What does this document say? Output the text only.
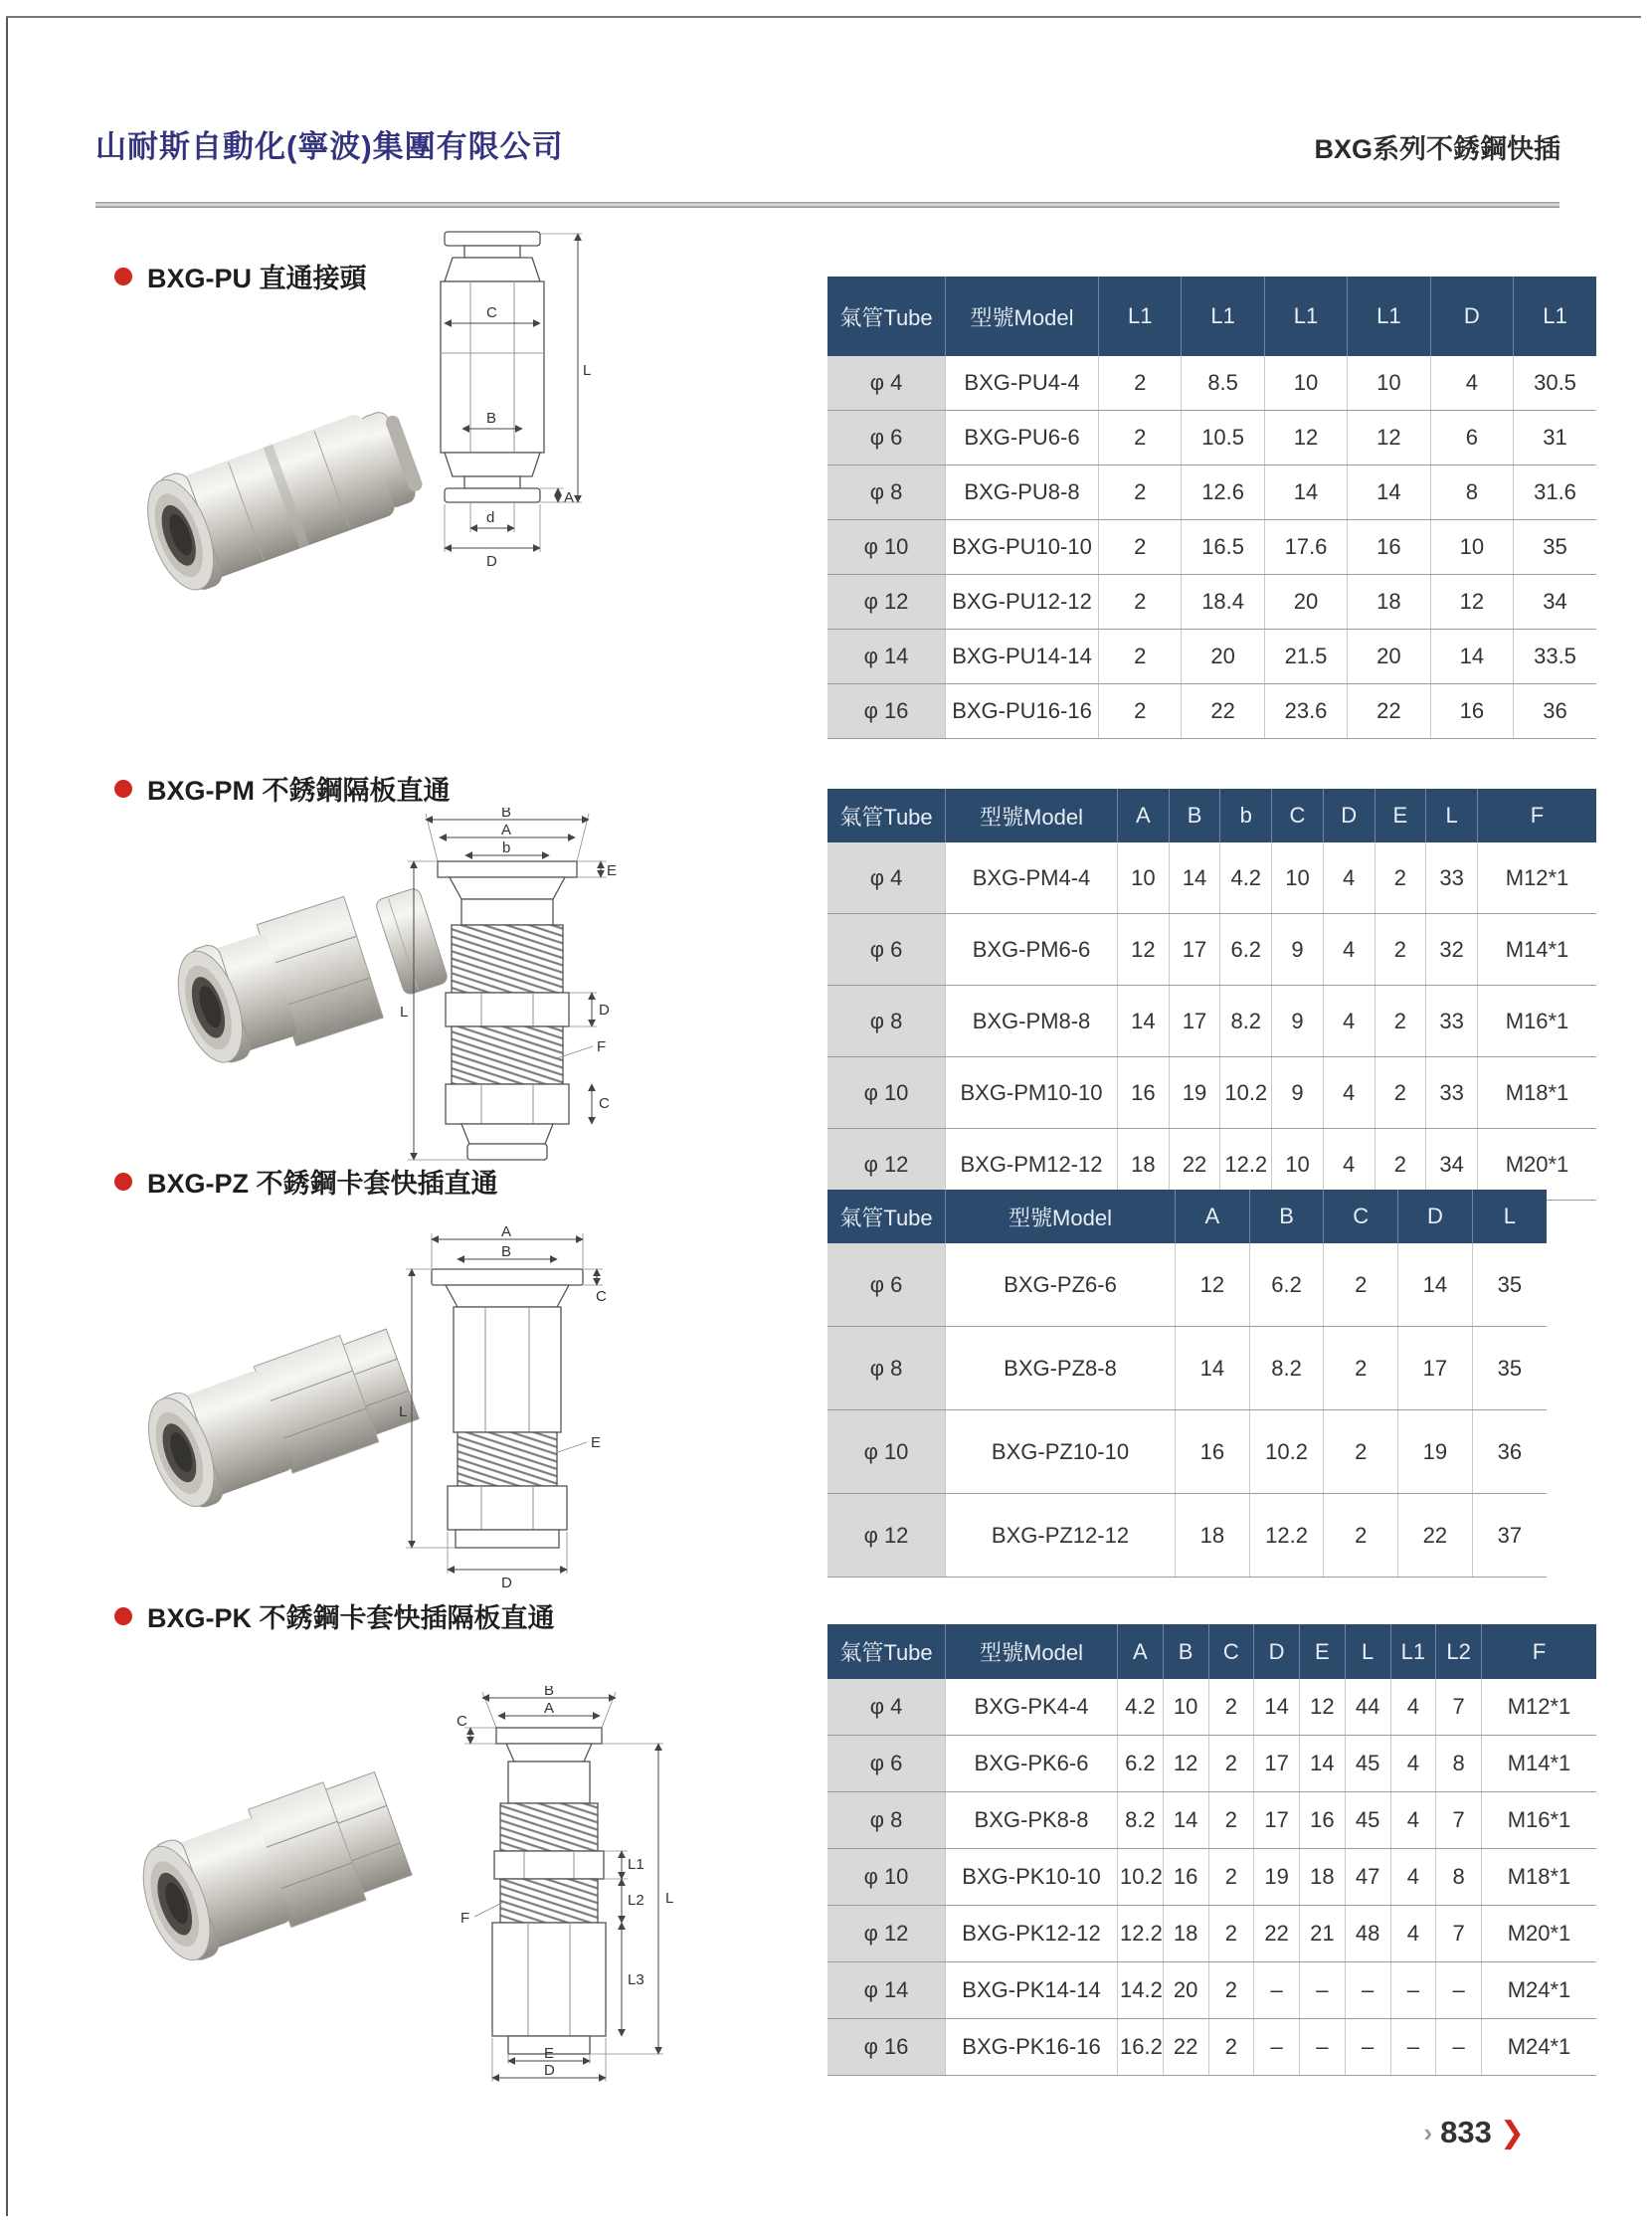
山耐斯自動化(寧波)集團有限公司	BXG系列不銹鋼快插
BXG-PU 直通接頭
C
B
A
d
D
L
氣管Tube	型號Model	L1	L1	L1	L1	D	L1
φ 4	BXG-PU4-4	2	8.5	10	10	4	30.5
φ 6	BXG-PU6-6	2	10.5	12	12	6	31
φ 8	BXG-PU8-8	2	12.6	14	14	8	31.6
φ 10	BXG-PU10-10	2	16.5	17.6	16	10	35
φ 12	BXG-PU12-12	2	18.4	20	18	12	34
φ 14	BXG-PU14-14	2	20	21.5	20	14	33.5
φ 16	BXG-PU16-16	2	22	23.6	22	16	36
BXG-PM 不銹鋼隔板直通
B
A
b
E
D
F
C
L
氣管Tube	型號Model	A	B	b	C	D	E	L	F
φ 4	BXG-PM4-4	10	14	4.2	10	4	2	33	M12*1
φ 6	BXG-PM6-6	12	17	6.2	9	4	2	32	M14*1
φ 8	BXG-PM8-8	14	17	8.2	9	4	2	33	M16*1
φ 10	BXG-PM10-10	16	19	10.2	9	4	2	33	M18*1
φ 12	BXG-PM12-12	18	22	12.2	10	4	2	34	M20*1
BXG-PZ 不銹鋼卡套快插直通
A
B
C
E
L
D
氣管Tube	型號Model	A	B	C	D	L
φ 6	BXG-PZ6-6	12	6.2	2	14	35
φ 8	BXG-PZ8-8	14	8.2	2	17	35
φ 10	BXG-PZ10-10	16	10.2	2	19	36
φ 12	BXG-PZ12-12	18	12.2	2	22	37
BXG-PK 不銹鋼卡套快插隔板直通
B
A
C
L1
F
L2
L3
L
E
D
氣管Tube	型號Model	A	B	C	D	E	L	L1	L2	F
φ 4	BXG-PK4-4	4.2	10	2	14	12	44	4	7	M12*1
φ 6	BXG-PK6-6	6.2	12	2	17	14	45	4	8	M14*1
φ 8	BXG-PK8-8	8.2	14	2	17	16	45	4	7	M16*1
φ 10	BXG-PK10-10	10.2	16	2	19	18	47	4	8	M18*1
φ 12	BXG-PK12-12	12.2	18	2	22	21	48	4	7	M20*1
φ 14	BXG-PK14-14	14.2	20	2	–	–	–	–	–	M24*1
φ 16	BXG-PK16-16	16.2	22	2	–	–	–	–	–	M24*1
› 833 ❯
